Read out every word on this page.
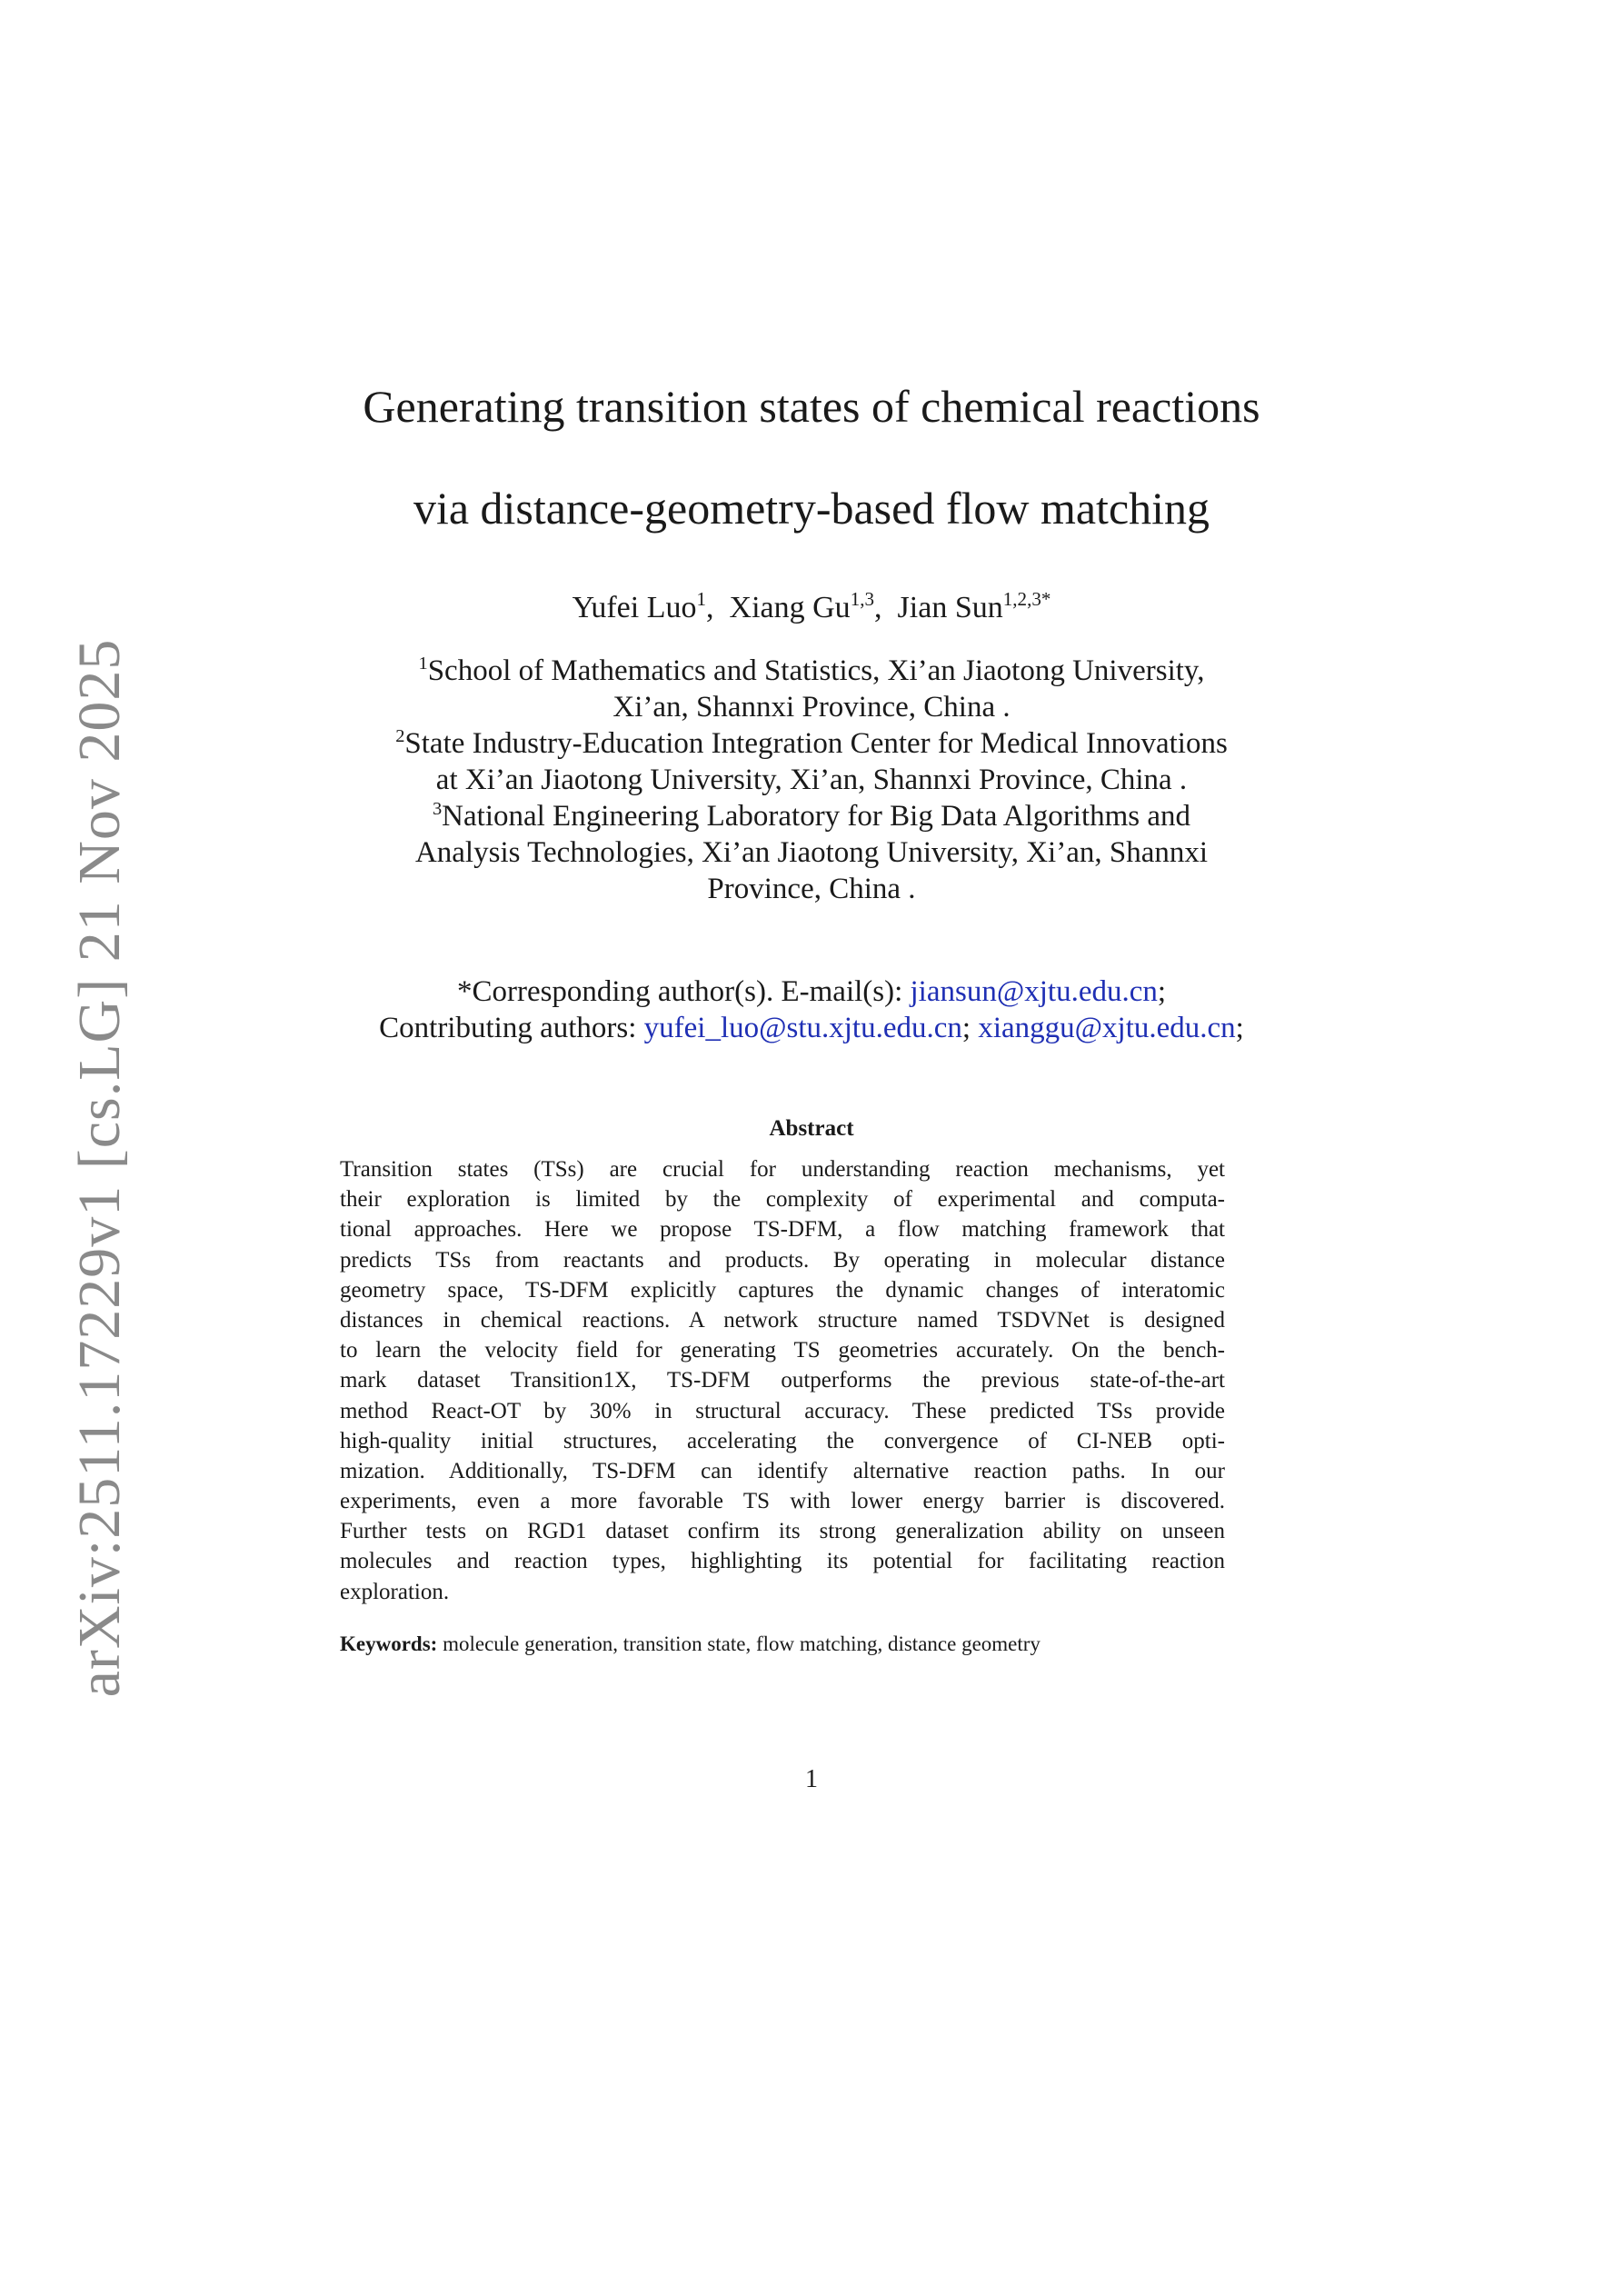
arXiv:2511.17229v1 [cs.LG] 21 Nov 2025
Generating transition states of chemical reactions
via distance-geometry-based flow matching
Yufei Luo$^1$,  Xiang Gu$^{1,3}$,  Jian Sun$^{1,2,3*}$
$^1$School of Mathematics and Statistics, Xi’an Jiaotong University,
Xi’an, Shannxi Province, China .
$^2$State Industry-Education Integration Center for Medical Innovations
at Xi’an Jiaotong University, Xi’an, Shannxi Province, China .
$^3$National Engineering Laboratory for Big Data Algorithms and
Analysis Technologies, Xi’an Jiaotong University, Xi’an, Shannxi
Province, China .
*Corresponding author(s). E-mail(s): jiansun@xjtu.edu.cn;
Contributing authors: yufei_luo@stu.xjtu.edu.cn; xianggu@xjtu.edu.cn;
Abstract
Transition states (TSs) are crucial for understanding reaction mechanisms, yet
their exploration is limited by the complexity of experimental and computa-
tional approaches. Here we propose TS-DFM, a flow matching framework that
predicts TSs from reactants and products. By operating in molecular distance
geometry space, TS-DFM explicitly captures the dynamic changes of interatomic
distances in chemical reactions. A network structure named TSDVNet is designed
to learn the velocity field for generating TS geometries accurately. On the bench-
mark dataset Transition1X, TS-DFM outperforms the previous state-of-the-art
method React-OT by 30% in structural accuracy. These predicted TSs provide
high-quality initial structures, accelerating the convergence of CI-NEB opti-
mization. Additionally, TS-DFM can identify alternative reaction paths. In our
experiments, even a more favorable TS with lower energy barrier is discovered.
Further tests on RGD1 dataset confirm its strong generalization ability on unseen
molecules and reaction types, highlighting its potential for facilitating reaction
exploration.
Keywords: molecule generation, transition state, flow matching, distance geometry
1
